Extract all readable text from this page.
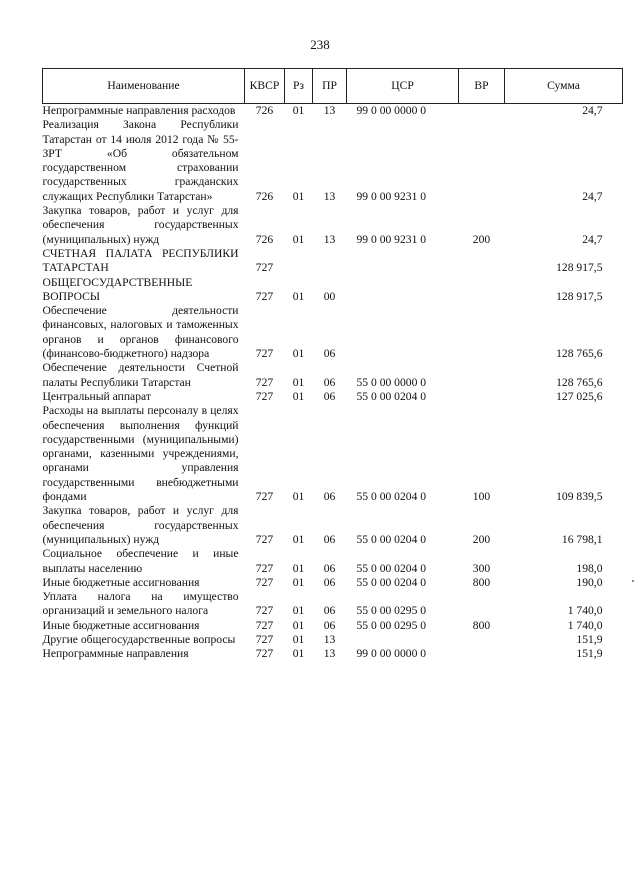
238
Наименование	КВСР	Рз	ПР	ЦСР	ВР	Сумма
Непрограммные направления расходов	726	01	13	99 0 00 0000 0		24,7
Реализация Закона Республики Татарстан от 14 июля 2012 года № 55-ЗРТ «Об обязательном государственном страховании государственных гражданских служащих Республики Татарстан»	726	01	13	99 0 00 9231 0		24,7
Закупка товаров, работ и услуг для обеспечения государственных (муниципальных) нужд	726	01	13	99 0 00 9231 0	200	24,7
СЧЕТНАЯ ПАЛАТА РЕСПУБЛИКИ ТАТАРСТАН	727					128 917,5
ОБЩЕГОСУДАРСТВЕННЫЕ ВОПРОСЫ	727	01	00			128 917,5
Обеспечение деятельности финансовых, налоговых и таможенных органов и органов финансового (финансово-бюджетного) надзора	727	01	06			128 765,6
Обеспечение деятельности Счетной палаты Республики Татарстан	727	01	06	55 0 00 0000 0		128 765,6
Центральный аппарат	727	01	06	55 0 00 0204 0		127 025,6
Расходы на выплаты персоналу в целях обеспечения выполнения функций государственными (муниципальными) органами, казенными учреждениями, органами управления государственными внебюджетными фондами	727	01	06	55 0 00 0204 0	100	109 839,5
Закупка товаров, работ и услуг для обеспечения государственных (муниципальных) нужд	727	01	06	55 0 00 0204 0	200	16 798,1
Социальное обеспечение и иные выплаты населению	727	01	06	55 0 00 0204 0	300	198,0
Иные бюджетные ассигнования	727	01	06	55 0 00 0204 0	800	190,0
Уплата налога на имущество организаций и земельного налога	727	01	06	55 0 00 0295 0		1 740,0
Иные бюджетные ассигнования	727	01	06	55 0 00 0295 0	800	1 740,0
Другие общегосударственные вопросы	727	01	13			151,9
Непрограммные направления	727	01	13	99 0 00 0000 0		151,9
